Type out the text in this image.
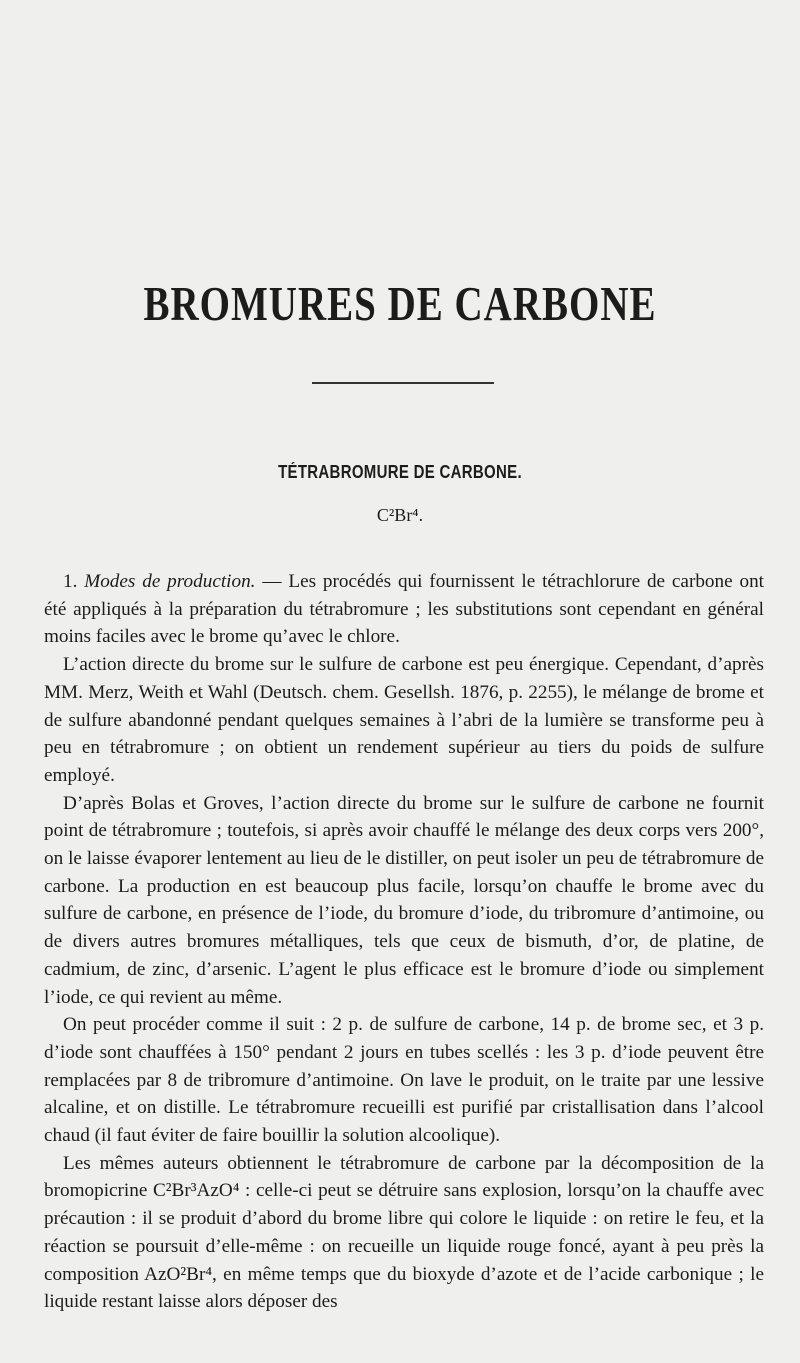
BROMURES DE CARBONE
TÉTRABROMURE DE CARBONE.
C²Br⁴.

1. Modes de production. — Les procédés qui fournissent le tétrachlorure de carbone ont été appliqués à la préparation du tétrabromure ; les substitutions sont cependant en général moins faciles avec le brome qu’avec le chlore.

L’action directe du brome sur le sulfure de carbone est peu énergique. Cependant, d’après MM. Merz, Weith et Wahl (Deutsch. chem. Gesellsh. 1876, p. 2255), le mélange de brome et de sulfure abandonné pendant quelques semaines à l’abri de la lumière se transforme peu à peu en tétrabromure ; on obtient un rendement supérieur au tiers du poids de sulfure employé.

D’après Bolas et Groves, l’action directe du brome sur le sulfure de carbone ne fournit point de tétrabromure ; toutefois, si après avoir chauffé le mélange des deux corps vers 200°, on le laisse évaporer lentement au lieu de le distiller, on peut isoler un peu de tétrabromure de carbone. La production en est beaucoup plus facile, lorsqu’on chauffe le brome avec du sulfure de carbone, en présence de l’iode, du bromure d’iode, du tribromure d’antimoine, ou de divers autres bromures métalliques, tels que ceux de bismuth, d’or, de platine, de cadmium, de zinc, d’arsenic. L’agent le plus efficace est le bromure d’iode ou simplement l’iode, ce qui revient au même.

On peut procéder comme il suit : 2 p. de sulfure de carbone, 14 p. de brome sec, et 3 p. d’iode sont chauffées à 150° pendant 2 jours en tubes scellés : les 3 p. d’iode peuvent être remplacées par 8 de tribromure d’antimoine. On lave le produit, on le traite par une lessive alcaline, et on distille. Le tétrabromure recueilli est purifié par cristallisation dans l’alcool chaud (il faut éviter de faire bouillir la solution alcoolique).

Les mêmes auteurs obtiennent le tétrabromure de carbone par la décomposition de la bromopicrine C²Br³AzO⁴ : celle-ci peut se détruire sans explosion, lorsqu’on la chauffe avec précaution : il se produit d’abord du brome libre qui colore le liquide : on retire le feu, et la réaction se poursuit d’elle-même : on recueille un liquide rouge foncé, ayant à peu près la composition AzO²Br⁴, en même temps que du bioxyde d’azote et de l’acide carbonique ; le liquide restant laisse alors déposer des
